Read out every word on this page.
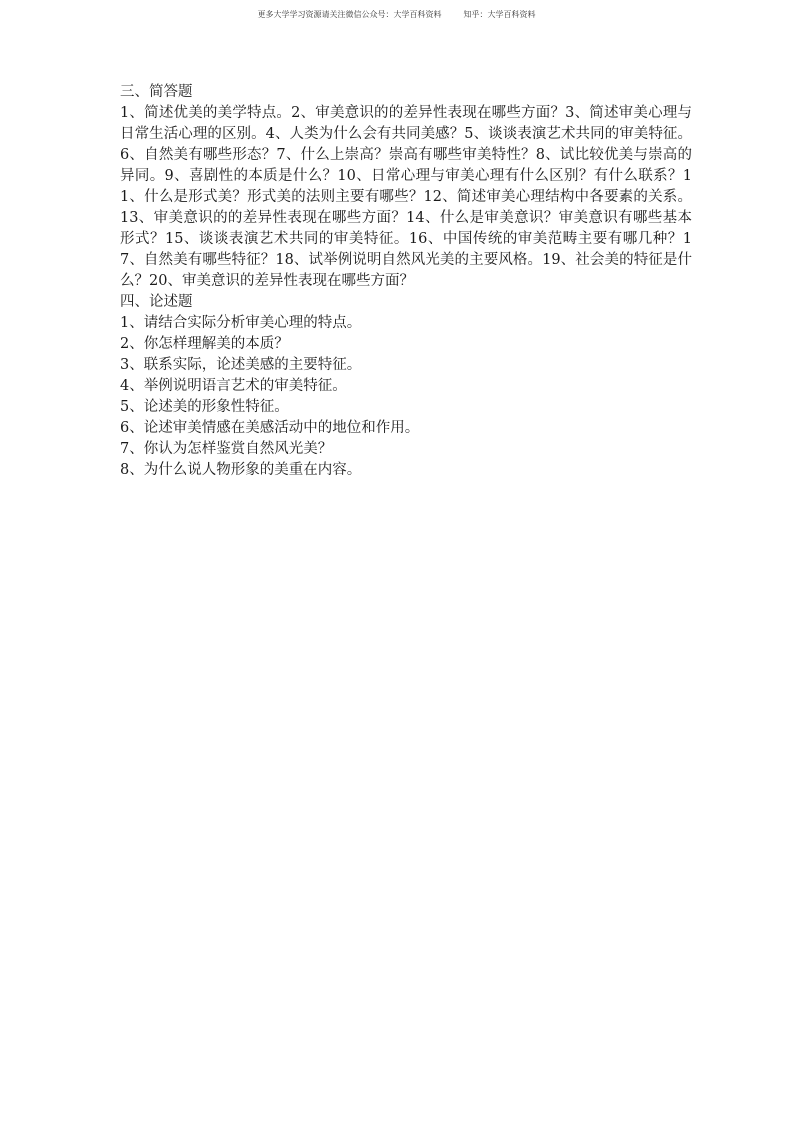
更多大学学习资源请关注微信公众号：大学百科资料	知乎：大学百科资料
三、简答题

1、简述优美的美学特点。2、审美意识的的差异性表现在哪些方面？3、简述审美心理与日常生活心理的区别。4、人类为什么会有共同美感？5、谈谈表演艺术共同的审美特征。6、自然美有哪些形态？7、什么上崇高？崇高有哪些审美特性？8、试比较优美与崇高的异同。9、喜剧性的本质是什么？10、日常心理与审美心理有什么区别？有什么联系？11、什么是形式美？形式美的法则主要有哪些？12、简述审美心理结构中各要素的关系。13、审美意识的的差异性表现在哪些方面？14、什么是审美意识？审美意识有哪些基本形式？15、谈谈表演艺术共同的审美特征。16、中国传统的审美范畴主要有哪几种？17、自然美有哪些特征？18、试举例说明自然风光美的主要风格。19、社会美的特征是什么？20、审美意识的差异性表现在哪些方面？

四、论述题
1、请结合实际分析审美心理的特点。
2、你怎样理解美的本质？
3、联系实际，论述美感的主要特征。
4、举例说明语言艺术的审美特征。
5、论述美的形象性特征。
6、论述审美情感在美感活动中的地位和作用。
7、你认为怎样鉴赏自然风光美？
8、为什么说人物形象的美重在内容。
